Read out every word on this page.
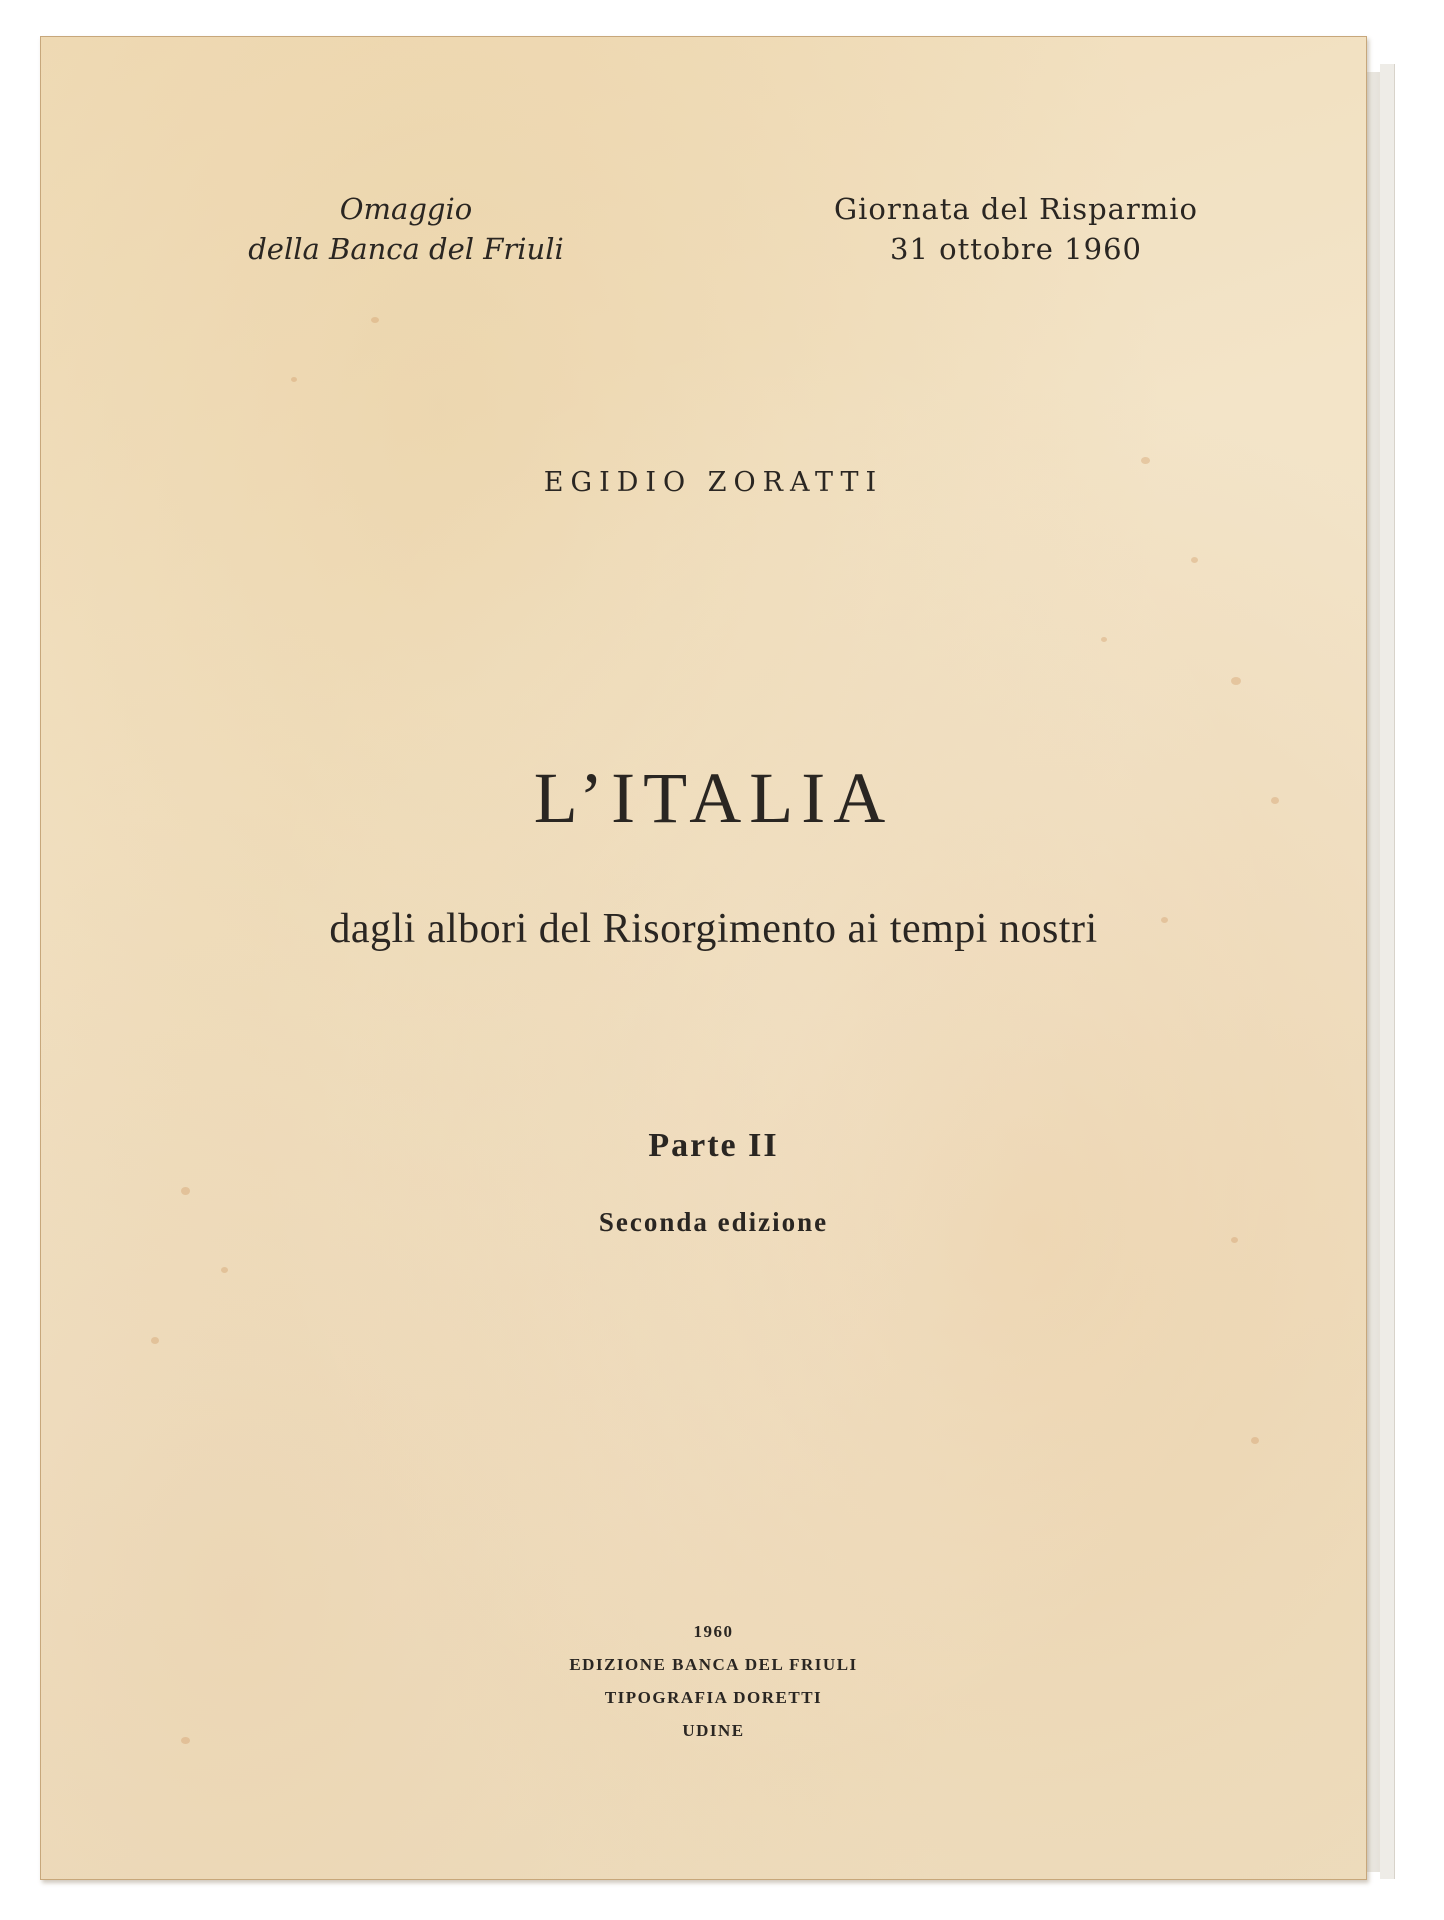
Omaggio
della Banca del Friuli
Giornata del Risparmio
31 ottobre 1960
EGIDIO ZORATTI
L’ITALIA
dagli albori del Risorgimento ai tempi nostri
Parte II
Seconda edizione
1960
EDIZIONE BANCA DEL FRIULI
TIPOGRAFIA DORETTI
UDINE
